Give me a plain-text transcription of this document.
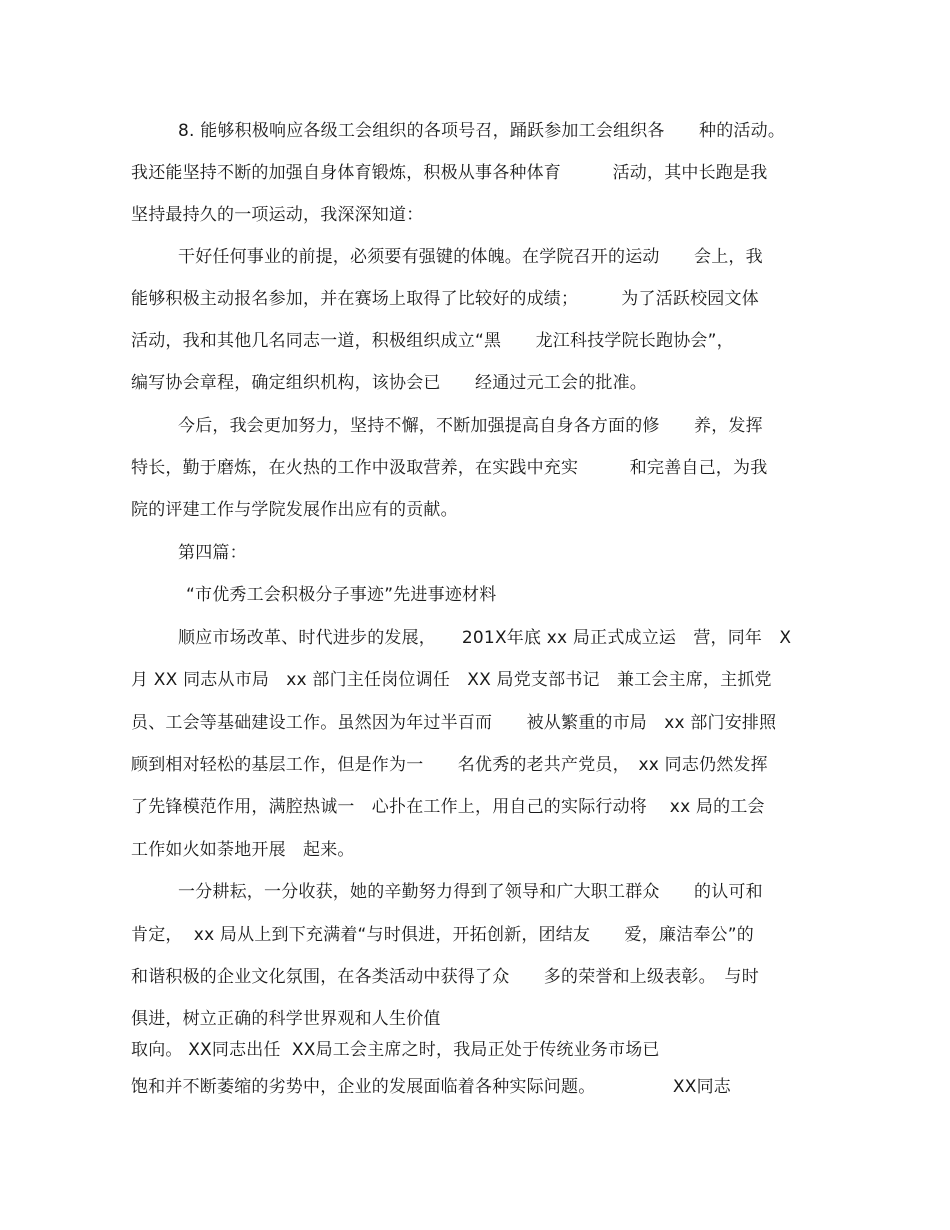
8. 能够积极响应各级工会组织的各项号召，踊跃参加工会组织各　　种的活动。
我还能坚持不断的加强自身体育锻炼，积极从事各种体育　　　活动，其中长跑是我
坚持最持久的一项运动，我深深知道：
干好任何事业的前提，必须要有强键的体魄。在学院召开的运动　　会上，我
能够积极主动报名参加，并在赛场上取得了比较好的成绩；　　　为了活跃校园文体
活动，我和其他几名同志一道，积极组织成立“黑　　龙江科技学院长跑协会”，
编写协会章程，确定组织机构，该协会已　　经通过元工会的批准。
今后，我会更加努力，坚持不懈，不断加强提高自身各方面的修　　养，发挥
特长，勤于磨炼，在火热的工作中汲取营养，在实践中充实　　　和完善自己，为我
院的评建工作与学院发展作出应有的贡献。
第四篇：
“市优秀工会积极分子事迹”先进事迹材料
顺应市场改革、时代进步的发展，　　201X年底 xx 局正式成立运　营，同年　X
月 XX 同志从市局　xx 部门主任岗位调任　XX 局党支部书记　兼工会主席，主抓党
员、工会等基础建设工作。虽然因为年过半百而　　被从繁重的市局　xx 部门安排照
顾到相对轻松的基层工作，但是作为一　　名优秀的老共产党员，　xx 同志仍然发挥
了先锋模范作用，满腔热诚一　心扑在工作上，用自己的实际行动将　 xx 局的工会
工作如火如荼地开展　起来。
一分耕耘，一分收获，她的辛勤努力得到了领导和广大职工群众　　的认可和
肯定，  xx 局从上到下充满着“与时俱进，开拓创新，团结友　　爱，廉洁奉公”的
和谐积极的企业文化氛围，在各类活动中获得了众　　多的荣誉和上级表彰。　与时
俱进，树立正确的科学世界观和人生价值
取向。 XX同志出任  XX局工会主席之时，我局正处于传统业务市场已
饱和并不断萎缩的劣势中，企业的发展面临着各种实际问题。　　　　　XX同志
